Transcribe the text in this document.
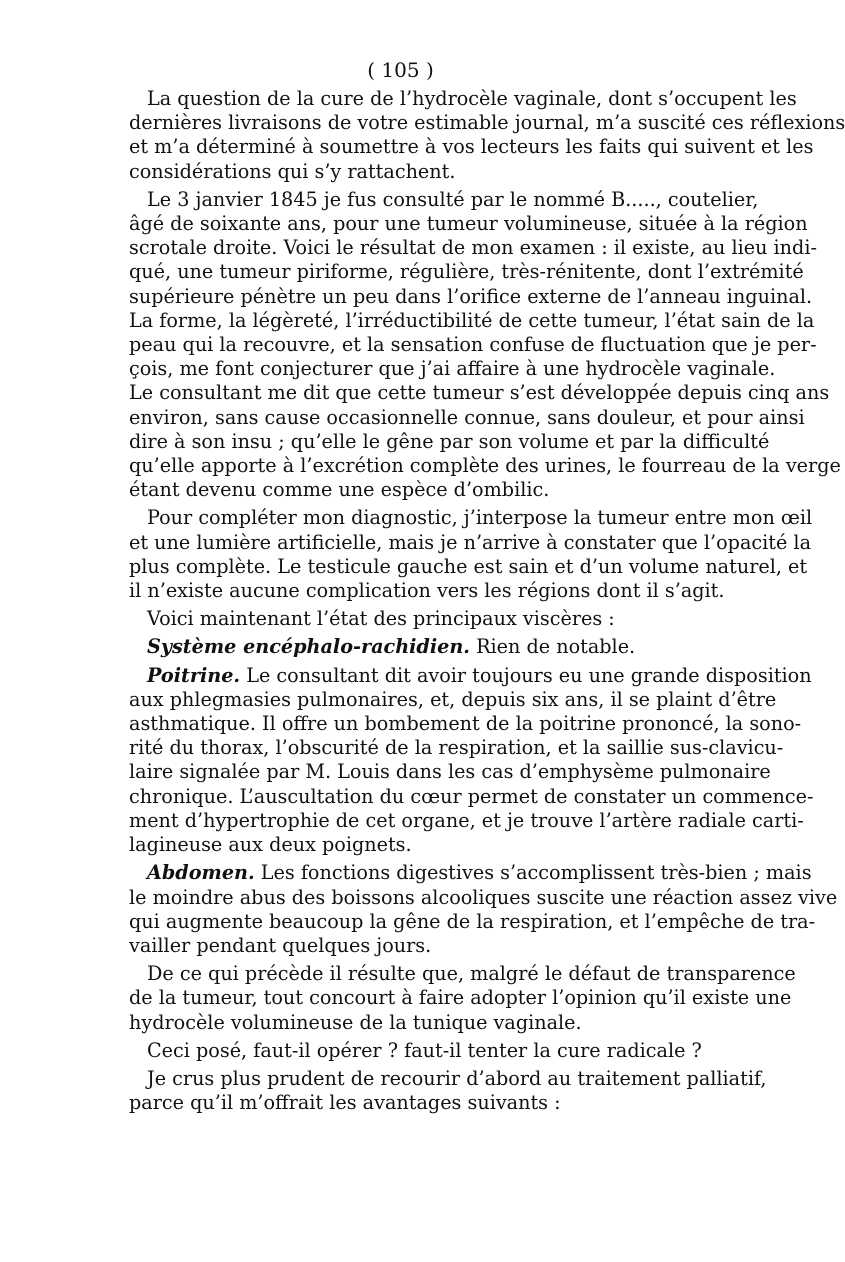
( 105 )
La question de la cure de l’hydrocèle vaginale, dont s’occupent les
dernières livraisons de votre estimable journal, m’a suscité ces réflexions
et m’a déterminé à soumettre à vos lecteurs les faits qui suivent et les
considérations qui s’y rattachent.
Le 3 janvier 1845 je fus consulté par le nommé B....., coutelier,
âgé de soixante ans, pour une tumeur volumineuse, située à la région
scrotale droite. Voici le résultat de mon examen : il existe, au lieu indi-
qué, une tumeur piriforme, régulière, très-rénitente, dont l’extrémité
supérieure pénètre un peu dans l’orifice externe de l’anneau inguinal.
La forme, la légèreté, l’irréductibilité de cette tumeur, l’état sain de la
peau qui la recouvre, et la sensation confuse de fluctuation que je per-
çois, me font conjecturer que j’ai affaire à une hydrocèle vaginale.
Le consultant me dit que cette tumeur s’est développée depuis cinq ans
environ, sans cause occasionnelle connue, sans douleur, et pour ainsi
dire à son insu ; qu’elle le gêne par son volume et par la difficulté
qu’elle apporte à l’excrétion complète des urines, le fourreau de la verge
étant devenu comme une espèce d’ombilic.
Pour compléter mon diagnostic, j’interpose la tumeur entre mon œil
et une lumière artificielle, mais je n’arrive à constater que l’opacité la
plus complète. Le testicule gauche est sain et d’un volume naturel, et
il n’existe aucune complication vers les régions dont il s’agit.
Voici maintenant l’état des principaux viscères :
Système encéphalo-rachidien. Rien de notable.
Poitrine. Le consultant dit avoir toujours eu une grande disposition
aux phlegmasies pulmonaires, et, depuis six ans, il se plaint d’être
asthmatique. Il offre un bombement de la poitrine prononcé, la sono-
rité du thorax, l’obscurité de la respiration, et la saillie sus-clavicu-
laire signalée par M. Louis dans les cas d’emphysème pulmonaire
chronique. L’auscultation du cœur permet de constater un commence-
ment d’hypertrophie de cet organe, et je trouve l’artère radiale carti-
lagineuse aux deux poignets.
Abdomen. Les fonctions digestives s’accomplissent très-bien ; mais
le moindre abus des boissons alcooliques suscite une réaction assez vive
qui augmente beaucoup la gêne de la respiration, et l’empêche de tra-
vailler pendant quelques jours.
De ce qui précède il résulte que, malgré le défaut de transparence
de la tumeur, tout concourt à faire adopter l’opinion qu’il existe une
hydrocèle volumineuse de la tunique vaginale.
Ceci posé, faut-il opérer ? faut-il tenter la cure radicale ?
Je crus plus prudent de recourir d’abord au traitement palliatif,
parce qu’il m’offrait les avantages suivants :
